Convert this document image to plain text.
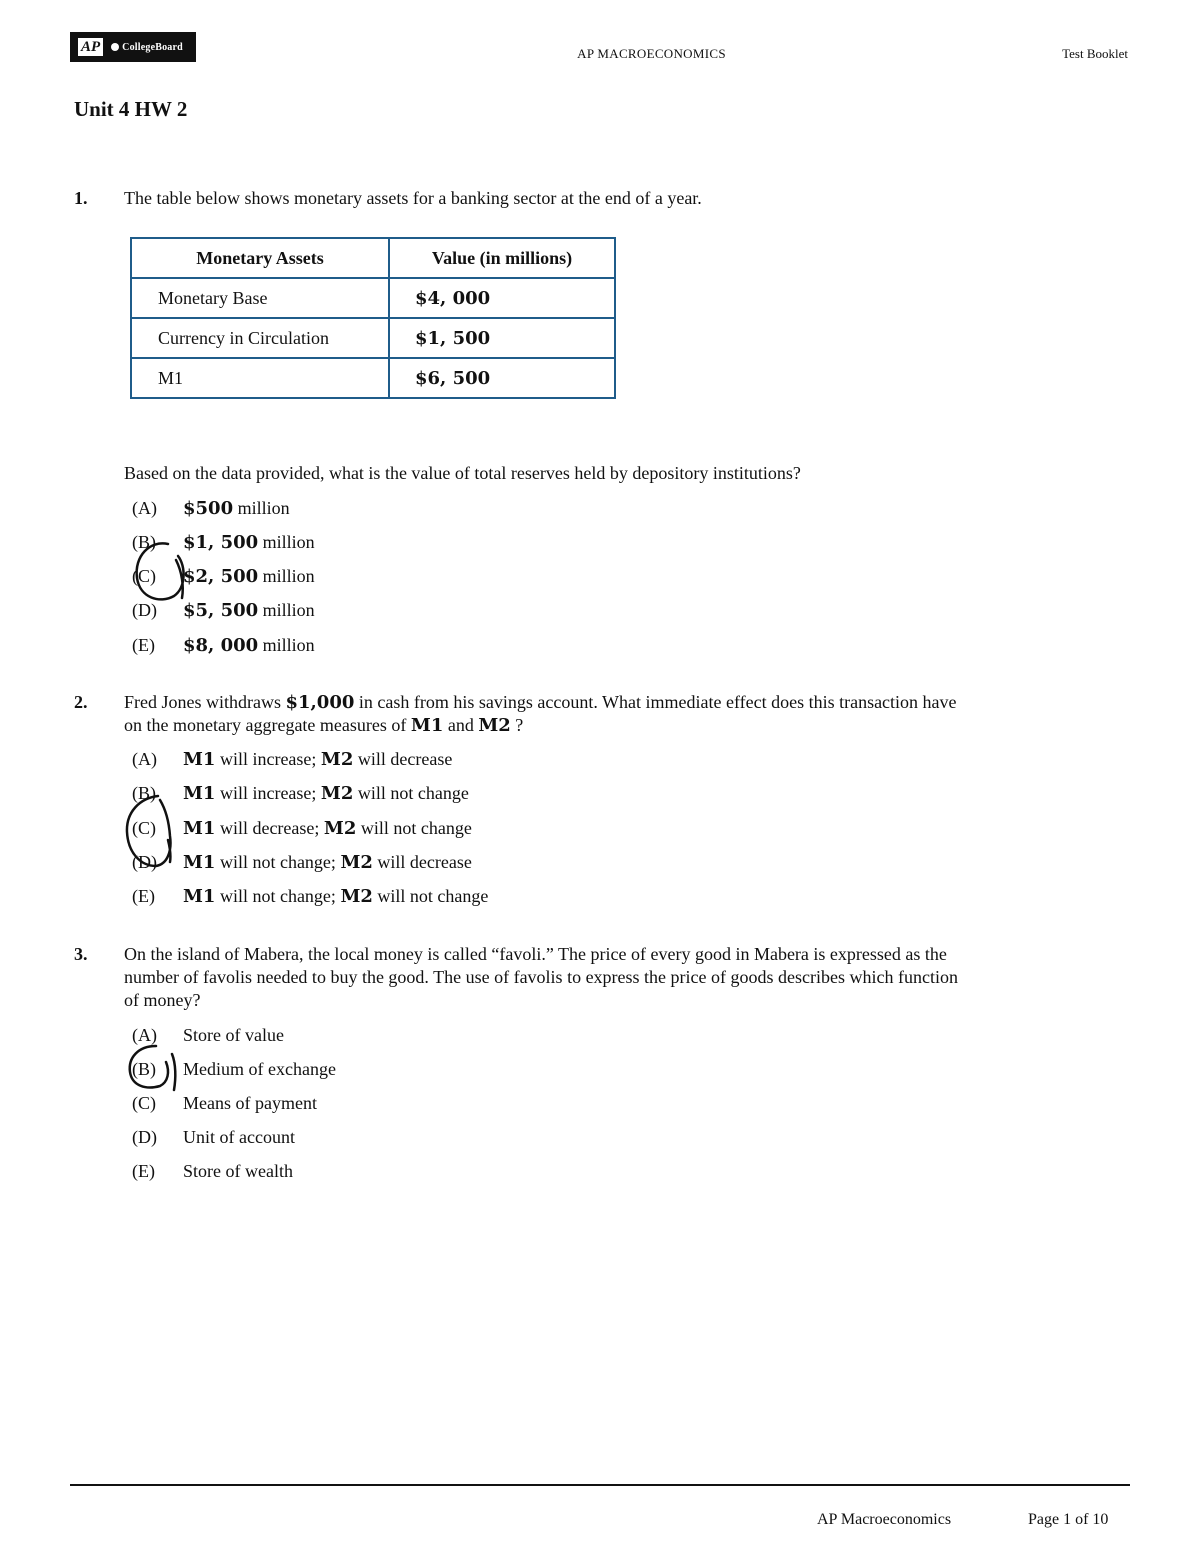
AP	CollegeBoard	AP MACROECONOMICS	Test Booklet
Unit 4 HW 2
1. The table below shows monetary assets for a banking sector at the end of a year.
Monetary Assets	Value (in millions)
Monetary Base	$4, 000
Currency in Circulation	$1, 500
M1	$6, 500
Based on the data provided, what is the value of total reserves held by depository institutions?
(A) $500 million
(B) $1, 500 million
(C) $2, 500 million
(D) $5, 500 million
(E) $8, 000 million
2. Fred Jones withdraws $1,000 in cash from his savings account. What immediate effect does this transaction have
on the monetary aggregate measures of M1 and M2 ?
(A) M1 will increase; M2 will decrease
(B) M1 will increase; M2 will not change
(C) M1 will decrease; M2 will not change
(D) M1 will not change; M2 will decrease
(E) M1 will not change; M2 will not change
3. On the island of Mabera, the local money is called “favoli.” The price of every good in Mabera is expressed as the
number of favolis needed to buy the good. The use of favolis to express the price of goods describes which function
of money?
(A) Store of value
(B) Medium of exchange
(C) Means of payment
(D) Unit of account
(E) Store of wealth
AP Macroeconomics	Page 1 of 10
